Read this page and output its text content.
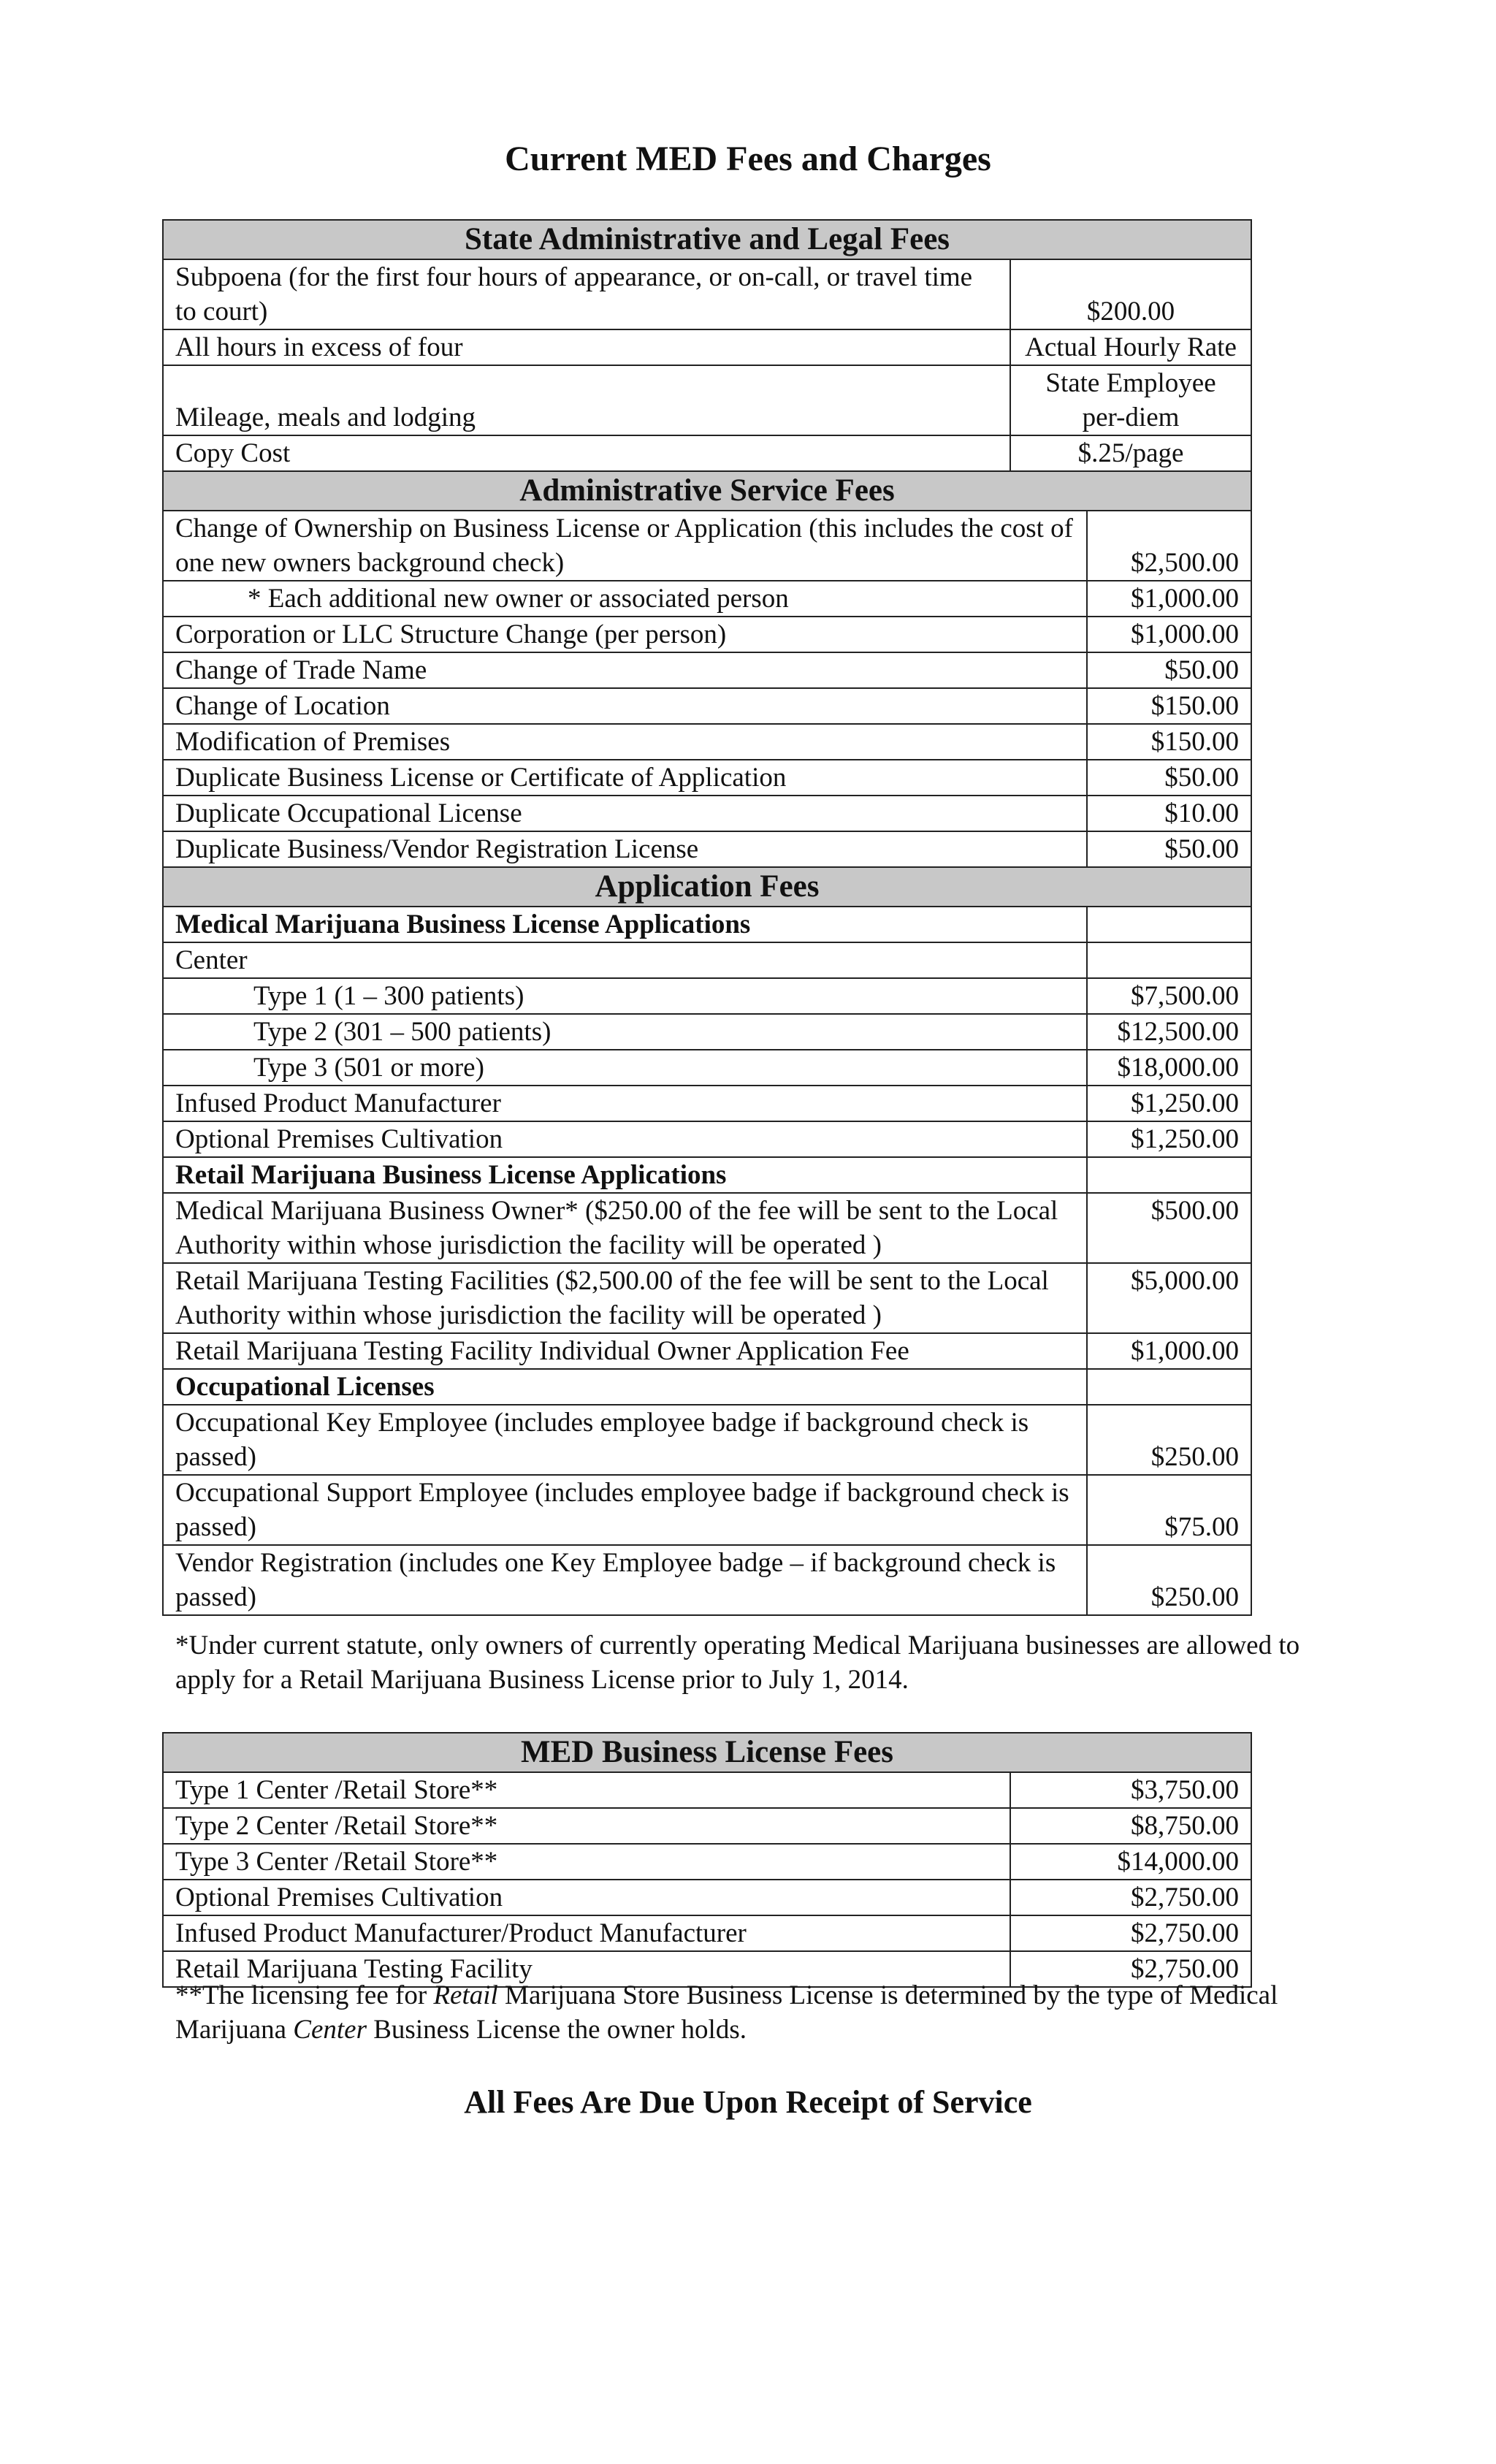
Current MED Fees and Charges
State Administrative and Legal Fees	
Subpoena (for the first four hours of appearance, or on-call, or travel time to court)	$200.00
All hours in excess of four	Actual Hourly Rate
Mileage, meals and lodging	State Employee per-diem
Copy Cost	$.25/page
Administrative Service Fees	
Change of Ownership on Business License or Application (this includes the cost of one new owners background check)	$2,500.00
* Each additional new owner or associated person	$1,000.00
Corporation or LLC Structure Change (per person)	$1,000.00
Change of Trade Name	$50.00
Change of Location	$150.00
Modification of Premises	$150.00
Duplicate Business License or Certificate of Application	$50.00
Duplicate Occupational License	$10.00
Duplicate Business/Vendor Registration License	$50.00
Application Fees	
Medical Marijuana Business License Applications	
Center	
Type 1 (1 – 300 patients)	$7,500.00
Type 2 (301 – 500 patients)	$12,500.00
Type 3 (501 or more)	$18,000.00
Infused Product Manufacturer	$1,250.00
Optional Premises Cultivation	$1,250.00
Retail Marijuana Business License Applications	
Medical Marijuana Business Owner* ($250.00 of the fee will be sent to the Local Authority within whose jurisdiction the facility will be operated )	$500.00
Retail Marijuana Testing Facilities ($2,500.00 of the fee will be sent to the Local Authority within whose jurisdiction the facility will be operated )	$5,000.00
Retail Marijuana Testing Facility Individual Owner Application Fee	$1,000.00
Occupational Licenses	
Occupational Key Employee (includes employee badge if background check is passed)	$250.00
Occupational Support Employee (includes employee badge if background check is passed)	$75.00
Vendor Registration (includes one Key Employee badge – if background check is passed)	$250.00
*Under current statute, only owners of currently operating Medical Marijuana businesses are allowed to apply for a Retail Marijuana Business License prior to July 1, 2014.
MED Business License Fees	
Type 1 Center /Retail Store**	$3,750.00
Type 2 Center /Retail Store**	$8,750.00
Type 3 Center /Retail Store**	$14,000.00
Optional Premises Cultivation	$2,750.00
Infused Product Manufacturer/Product Manufacturer	$2,750.00
Retail Marijuana Testing Facility	$2,750.00
**The licensing fee for Retail Marijuana Store Business License is determined by the type of Medical Marijuana Center Business License the owner holds.
All Fees Are Due Upon Receipt of Service
